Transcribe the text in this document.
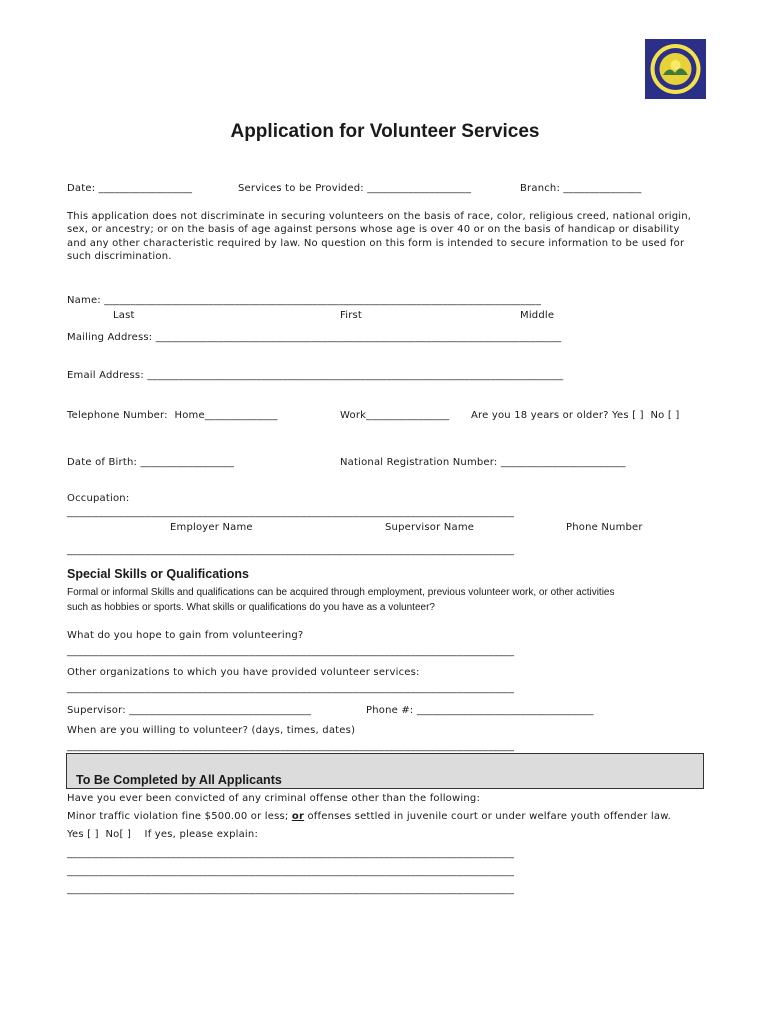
Application for Volunteer Services
Date: __________________	Services to be Provided: ____________________	Branch: _______________
This application does not discriminate in securing volunteers on the basis of race, color, religious creed, national origin, sex, or ancestry; or on the basis of age against persons whose age is over 40 or on the basis of handicap or disability and any other characteristic required by law. No question on this form is intended to secure information to be used for such discrimination.
Name: ____________________________________________________________________________________
Last	First	Middle
Mailing Address: ______________________________________________________________________________
Email Address: ________________________________________________________________________________
Telephone Number:  Home______________	Work________________ Are you 18 years or older? Yes [ ]  No [ ]
Date of Birth: __________________	National Registration Number: ________________________
Occupation:
______________________________________________________________________________________
Employer Name	Supervisor Name	Phone Number
______________________________________________________________________________________
Special Skills or Qualifications
Formal or informal Skills and qualifications can be acquired through employment, previous volunteer work, or other activities
such as hobbies or sports. What skills or qualifications do you have as a volunteer?
What do you hope to gain from volunteering?
______________________________________________________________________________________
Other organizations to which you have provided volunteer services:
______________________________________________________________________________________
Supervisor: ___________________________________	Phone #: __________________________________
When are you willing to volunteer? (days, times, dates)
______________________________________________________________________________________
To Be Completed by All Applicants
Have you ever been convicted of any criminal offense other than the following:
Minor traffic violation fine $500.00 or less; or offenses settled in juvenile court or under welfare youth offender law.
Yes [ ]  No[ ]    If yes, please explain:
______________________________________________________________________________________
______________________________________________________________________________________
______________________________________________________________________________________
